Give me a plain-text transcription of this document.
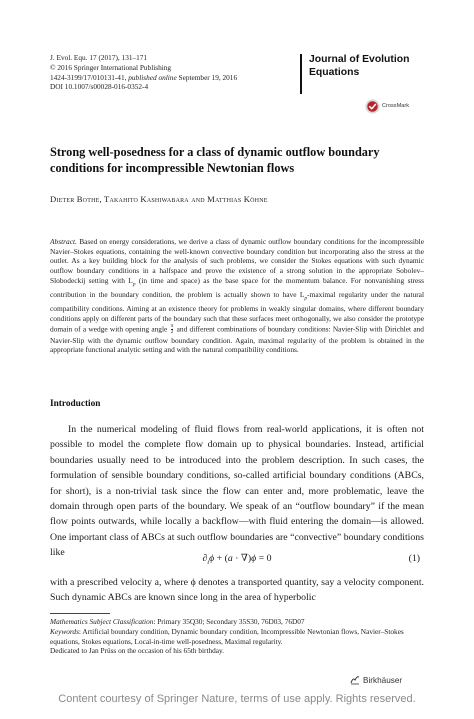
J. Evol. Equ. 17 (2017), 131–171
© 2016 Springer International Publishing
1424-3199/17/010131-41, published online September 19, 2016
DOI 10.1007/s00028-016-0352-4
Journal of Evolution
Equations
CrossMark
Strong well-posedness for a class of dynamic outflow boundary conditions for incompressible Newtonian flows
Dieter Bothe, Takahito Kashiwabara and Matthias Köhne
Abstract. Based on energy considerations, we derive a class of dynamic outflow boundary conditions for the incompressible Navier–Stokes equations, containing the well-known convective boundary condition but incorporating also the stress at the outlet. As a key building block for the analysis of such problems, we consider the Stokes equations with such dynamic outflow boundary conditions in a halfspace and prove the existence of a strong solution in the appropriate Sobolev–Slobodeckij setting with $L_p$ (in time and space) as the base space for the momentum balance. For nonvanishing stress contribution in the boundary condition, the problem is actually shown to have $L_p$-maximal regularity under the natural compatibility conditions. Aiming at an existence theory for problems in weakly singular domains, where different boundary conditions apply on different parts of the boundary such that these surfaces meet orthogonally, we also consider the prototype domain of a wedge with opening angle $\frac{\pi}{2}$ and different combinations of boundary conditions: Navier-Slip with Dirichlet and Navier-Slip with the dynamic outflow boundary condition. Again, maximal regularity of the problem is obtained in the appropriate functional analytic setting and with the natural compatibility conditions.
Introduction

In the numerical modeling of fluid flows from real-world applications, it is often not possible to model the complete flow domain up to physical boundaries. Instead, artificial boundaries usually need to be introduced into the problem description. In such cases, the formulation of sensible boundary conditions, so-called artificial boundary conditions (ABCs, for short), is a non-trivial task since the flow can enter and, more problematic, leave the domain through open parts of the boundary. We speak of an “outflow boundary” if the mean flow points outwards, while locally a backflow—with fluid entering the domain—is allowed. One important class of ABCs at such outflow boundaries are “convective” boundary conditions like

$\partial_t\phi + (a \cdot \nabla)\phi = 0$	(1)
with a prescribed velocity a, where ϕ denotes a transported quantity, say a velocity component. Such dynamic ABCs are known since long in the area of hyperbolic
Mathematics Subject Classification: Primary 35Q30; Secondary 35S30, 76D03, 76D07
Keywords: Artificial boundary condition, Dynamic boundary condition, Incompressible Newtonian flows, Navier–Stokes equations, Stokes equations, Local-in-time well-posedness, Maximal regularity.
Dedicated to Jan Prüss on the occasion of his 65th birthday.
Birkhäuser
Content courtesy of Springer Nature, terms of use apply. Rights reserved.
